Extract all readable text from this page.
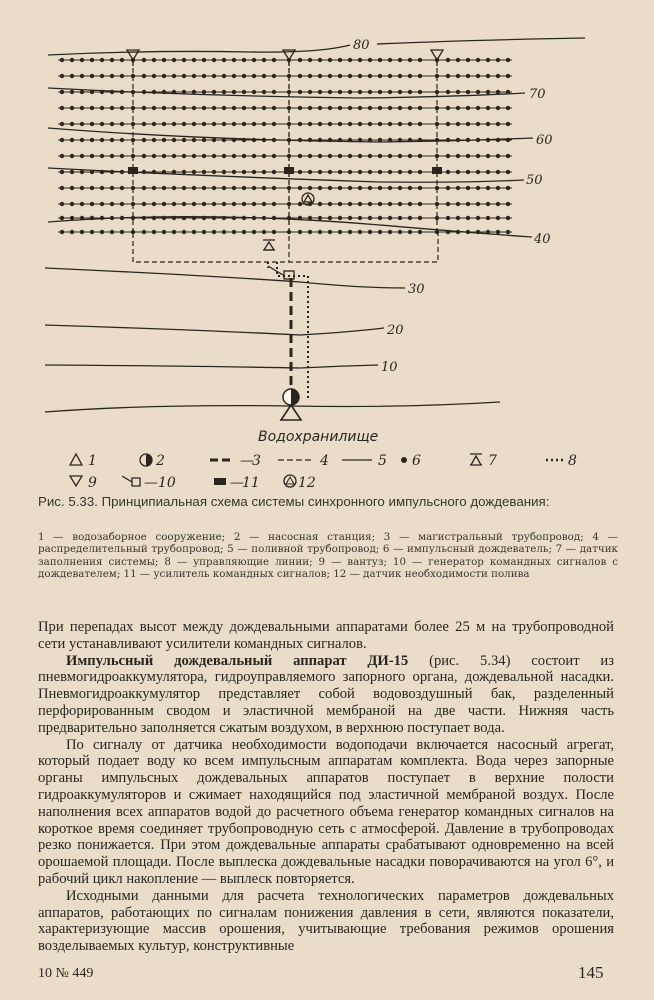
80
70
60
50
40
30
20
10
Водохранилище
1	2	—
3	4	5 6	7	8
9	— 10	—
11	12
Рис. 5.33. Принципиальная схема системы синхронного импульсного дождевания:
1 — водозаборное сооружение; 2 — насосная станция; 3 — магистральный трубопровод; 4 — распределительный трубопровод; 5 — поливной трубопровод; 6 — импульсный дождеватель; 7 — датчик заполнения системы; 8 — управляющие линии; 9 — вантуз; 10 — генератор командных сигналов с дождевателем; 11 — усилитель командных сигналов; 12 — датчик необходимости полива

При перепадах высот между дождевальными аппаратами более 25 м на трубопроводной сети устанавливают усилители командных сигналов.

Импульсный дождевальный аппарат ДИ-15 (рис. 5.34) состоит из пневмогидроаккумулятора, гидроуправляемого запорного органа, дождевальной насадки. Пневмогидроаккумулятор представляет собой водовоздушный бак, разделенный перфорированным сводом и эластичной мембраной на две части. Нижняя часть предварительно заполняется сжатым воздухом, в верхнюю поступает вода.

По сигналу от датчика необходимости водоподачи включается насосный агрегат, который подает воду ко всем импульсным аппаратам комплекта. Вода через запорные органы импульсных дождевальных аппаратов поступает в верхние полости гидроаккумуляторов и сжимает находящийся под эластичной мембраной воздух. После наполнения всех аппаратов водой до расчетного объема генератор командных сигналов на короткое время соединяет трубопроводную сеть с атмосферой. Давление в трубопроводах резко понижается. При этом дождевальные аппараты срабатывают одновременно на всей орошаемой площади. После выплеска дождевальные насадки поворачиваются на угол 6°, и рабочий цикл накопление — выплеск повторяется.

Исходными данными для расчета технологических параметров дождевальных аппаратов, работающих по сигналам понижения давления в сети, являются показатели, характеризующие массив орошения, учитывающие требования режимов орошения возделываемых культур, конструктивные

10 № 449	145
